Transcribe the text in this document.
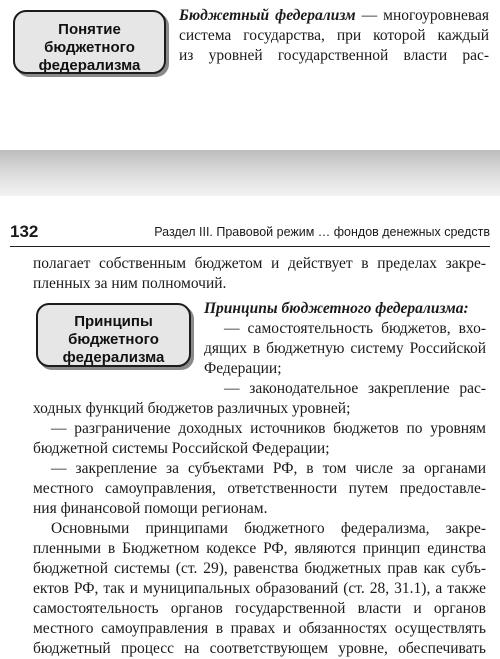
Понятие
бюджетного
федерализма
Бюджетный федерализм — многоуровневая
система государства, при которой каждый
из уровней государственной власти рас-
132	Раздел III. Правовой режим … фондов денежных средств
Принципы
бюджетного
федерализма
полагает собственным бюджетом и действует в пределах закре-
пленных за ним полномочий.
Принципы бюджетного федерализма:
— самостоятельность бюджетов, вхо-
дящих в бюджетную систему Российской
Федерации;
— законодательное закрепление рас-
ходных функций бюджетов различных уровней;
— разграничение доходных источников бюджетов по уровням
бюджетной системы Российской Федерации;
— закрепление за субъектами РФ, в том числе за органами
местного самоуправления, ответственности путем предоставле-
ния финансовой помощи регионам.
Основными принципами бюджетного федерализма, закре-
пленными в Бюджетном кодексе РФ, являются принцип единства
бюджетной системы (ст. 29), равенства бюджетных прав как субъ-
ектов РФ, так и муниципальных образований (ст. 28, 31.1), а также
самостоятельность органов государственной власти и органов
местного самоуправления в правах и обязанностях осуществлять
бюджетный процесс на соответствующем уровне, обеспечивать
